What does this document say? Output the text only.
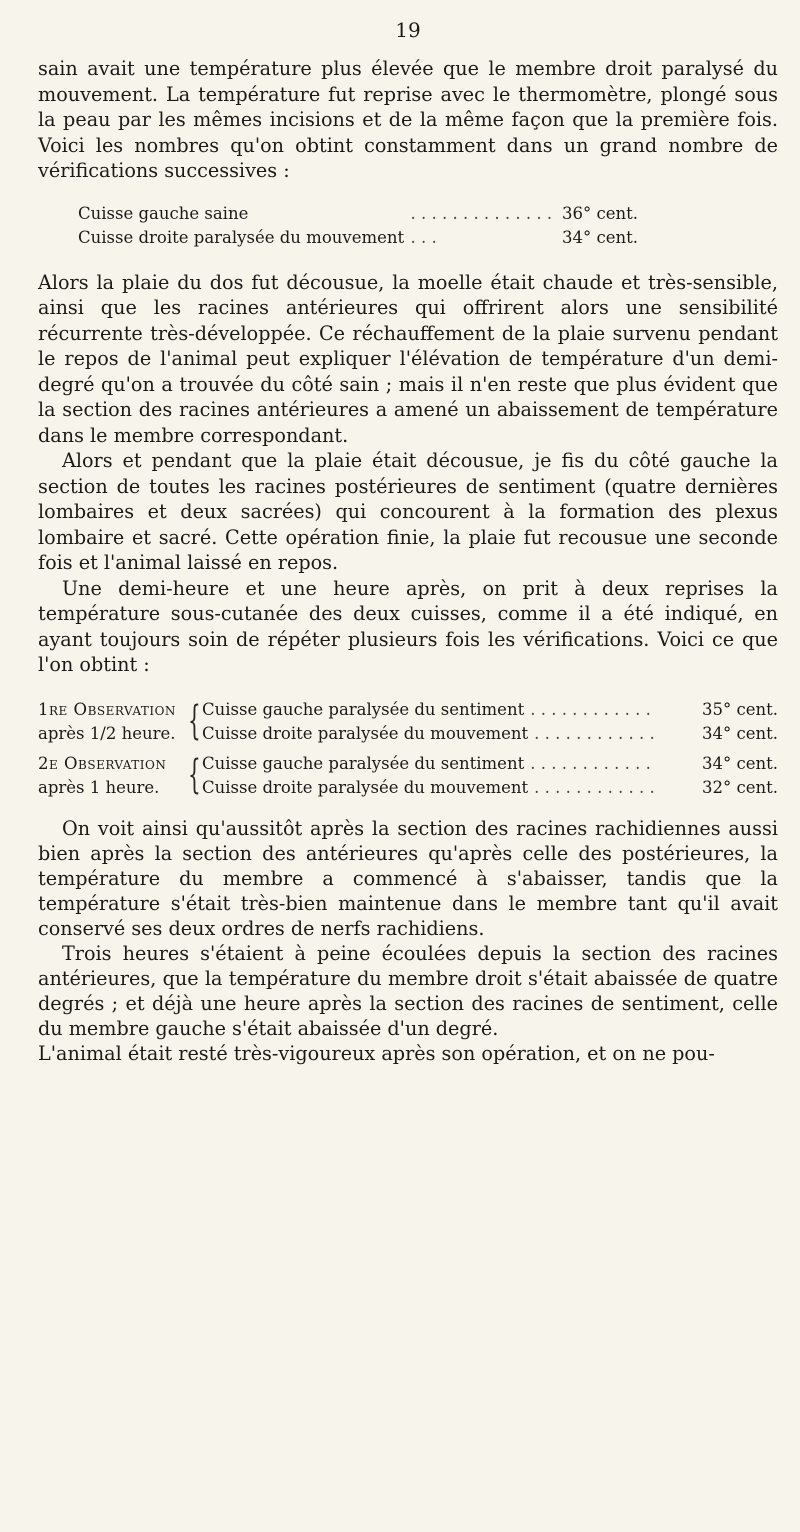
19

sain avait une température plus élevée que le membre droit paralysé du mouvement. La température fut reprise avec le thermomètre, plongé sous la peau par les mêmes incisions et de la même façon que la première fois. Voici les nombres qu'on obtint constamment dans un grand nombre de vérifications successives :

Cuisse gauche saine	. . . . . . . . . . . . . .	36° cent.
Cuisse droite paralysée du mouvement	. . .	34° cent.

Alors la plaie du dos fut décousue, la moelle était chaude et très-sensible, ainsi que les racines antérieures qui offrirent alors une sensibilité récurrente très-développée. Ce réchauffement de la plaie survenu pendant le repos de l'animal peut expliquer l'élévation de température d'un demi-degré qu'on a trouvée du côté sain ; mais il n'en reste que plus évident que la section des racines antérieures a amené un abaissement de température dans le membre correspondant.

Alors et pendant que la plaie était décousue, je fis du côté gauche la section de toutes les racines postérieures de sentiment (quatre dernières lombaires et deux sacrées) qui concourent à la formation des plexus lombaire et sacré. Cette opération finie, la plaie fut recousue une seconde fois et l'animal laissé en repos.

Une demi-heure et une heure après, on prit à deux reprises la température sous-cutanée des deux cuisses, comme il a été indiqué, en ayant toujours soin de répéter plusieurs fois les vérifications. Voici ce que l'on obtint :

1re Observation
après 1/2 heure. { Cuisse gauche paralysée du sentiment . . . . . . . . . . . .	35° cent.
Cuisse droite paralysée du mouvement . . . . . . . . . . . .	34° cent.
2e Observation
après 1 heure. { Cuisse gauche paralysée du sentiment . . . . . . . . . . . .	34° cent.
Cuisse droite paralysée du mouvement . . . . . . . . . . . .	32° cent.

On voit ainsi qu'aussitôt après la section des racines rachidiennes aussi bien après la section des antérieures qu'après celle des postérieures, la température du membre a commencé à s'abaisser, tandis que la température s'était très-bien maintenue dans le membre tant qu'il avait conservé ses deux ordres de nerfs rachidiens.

Trois heures s'étaient à peine écoulées depuis la section des racines antérieures, que la température du membre droit s'était abaissée de quatre degrés ; et déjà une heure après la section des racines de sentiment, celle du membre gauche s'était abaissée d'un degré.

L'animal était resté très-vigoureux après son opération, et on ne pou-
